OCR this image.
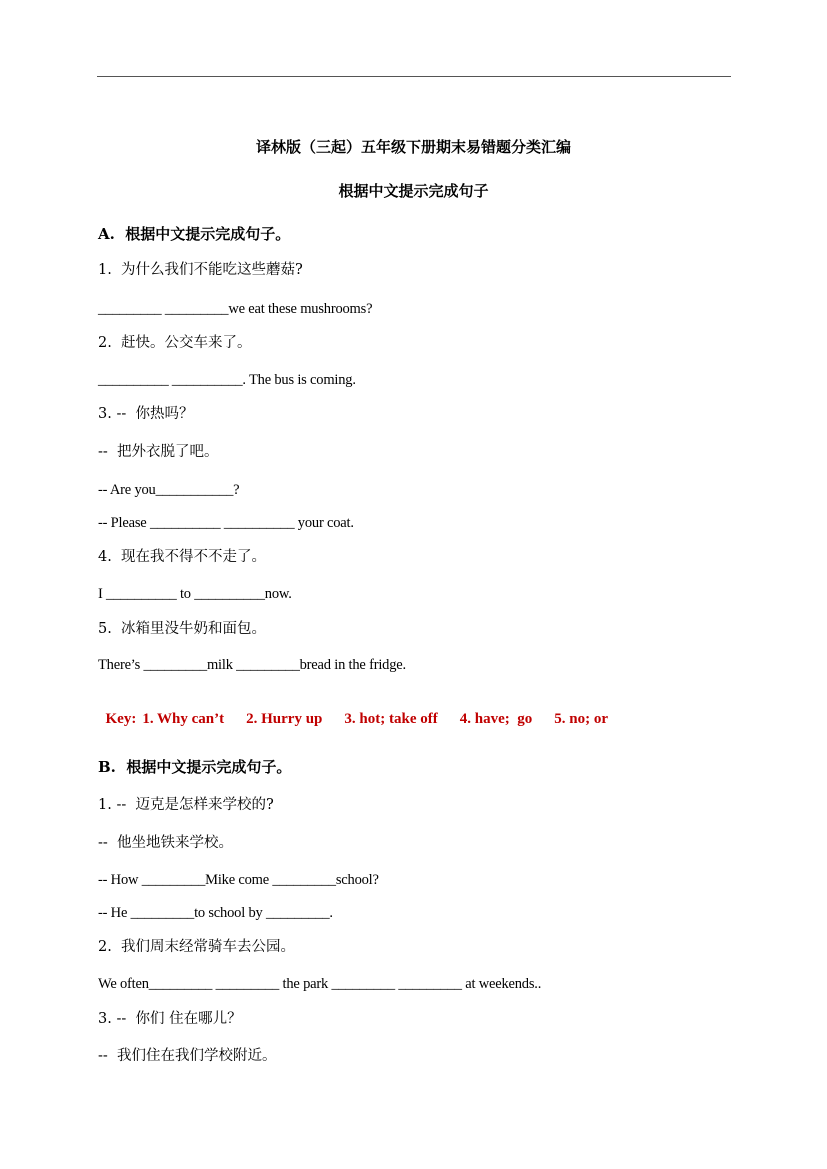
译林版（三起）五年级下册期末易错题分类汇编
根据中文提示完成句子
A.  根据中文提示完成句子。
1.  为什么我们不能吃这些蘑菇?
_________ _________we eat these mushrooms?
2.  赶快。公交车来了。
__________ __________. The bus is coming.
3. --  你热吗？
--  把外衣脱了吧。
-- Are you___________?
-- Please __________ __________ your coat.
4.  现在我不得不不走了。
I __________ to __________now.
5.  冰箱里没牛奶和面包。
There’s _________milk _________bread in the fridge.

Key: 1. Why can’t 2. Hurry up 3. hot; take off 4. have;  go 5. no; or

B.  根据中文提示完成句子。
1. --  迈克是怎样来学校的?
--  他坐地铁来学校。
-- How _________Mike come _________school?
-- He _________to school by _________.
2.  我们周末经常骑车去公园。
We often_________ _________ the park _________ _________ at weekends..
3. --  你们 住在哪儿？
--  我们住在我们学校附近。
